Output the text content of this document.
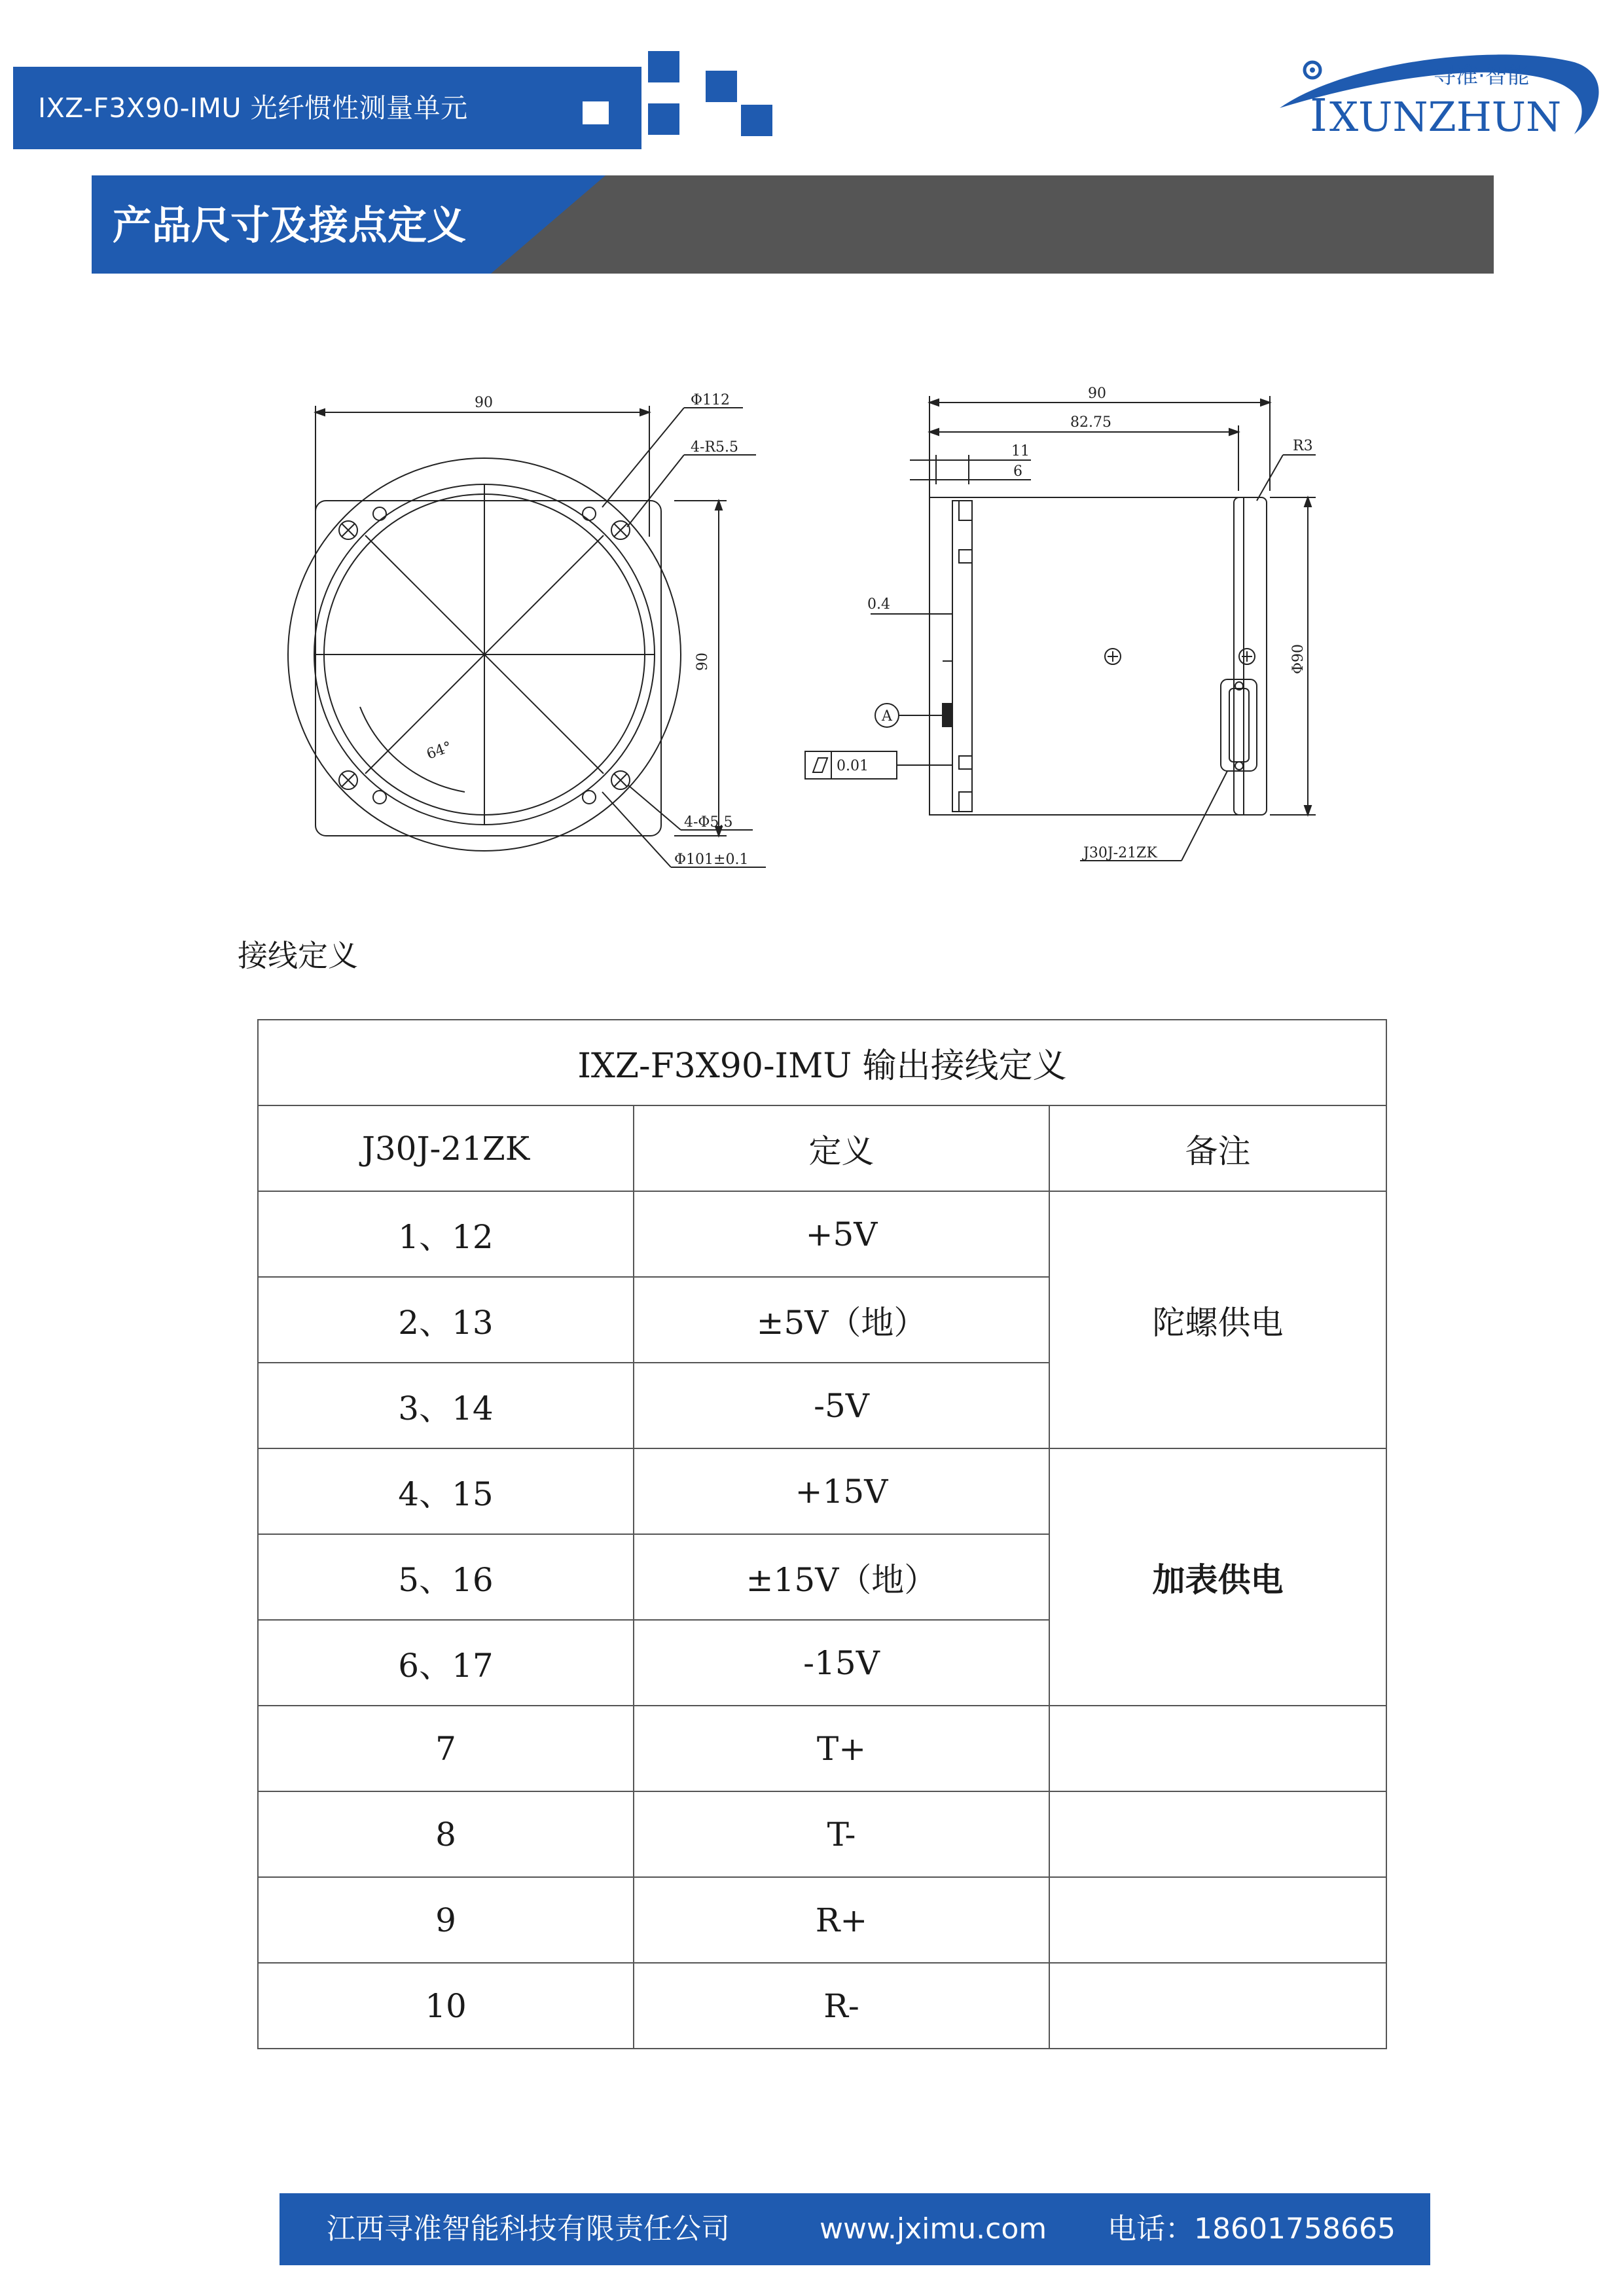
IXZ-F3X90-IMU 光纤惯性测量单元
寻准·智能
I XUNZHUN
产品尺寸及接点定义
90
64°
90
Φ112
4-R5.5
4-Φ5.5
Φ101±0.1
90
82.75
11
6
0.4
A
0.01
Φ90
R3
J30J-21ZK
接线定义
IXZ-F3X90-IMU 输出接线定义		
J30J-21ZK	定义	备注
1、12	+5V	陀螺供电
2、13	±5V（地）	
3、14	-5V	
4、15	+15V	加表供电
5、16	±15V（地）	
6、17	-15V	
7	T+	
8	T-	
9	R+	
10	R-	
江西寻准智能科技有限责任公司	www.jximu.com 电话：18601758665
